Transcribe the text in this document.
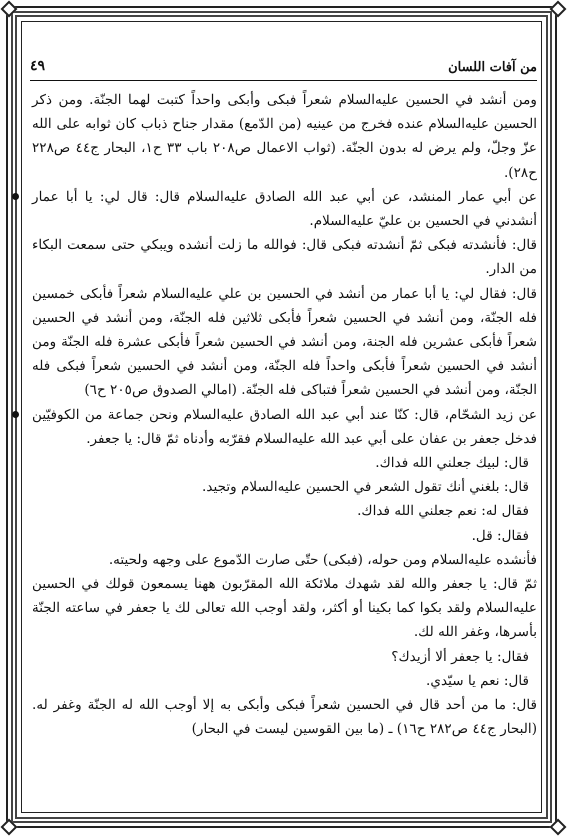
من آفات اللسان
٤٩

ومن أنشد في الحسين عليه‌السلام شعراً فبكى وأبكى واحداً كتبت لهما الجنّة. ومن ذكر الحسين عليه‌السلام عنده فخرج من عينيه (من الدّمع) مقدار جناح ذباب كان ثوابه على الله عزّ وجلّ، ولم يرض له بدون الجنّة. (ثواب الاعمال ص٢٠٨ باب ٣٣ ح١، البحار ج٤٤ ص٢٢٨ ح٢٨).

عن أبي عمار المنشد، عن أبي عبد الله الصادق عليه‌السلام قال: قال لي: يا أبا عمار أنشدني في الحسين بن عليّ عليه‌السلام.

قال: فأنشدته فبكى ثمّ أنشدته فبكى قال: فوالله ما زلت أنشده ويبكي حتى سمعت البكاء من الدار.

قال: فقال لي: يا أبا عمار من أنشد في الحسين بن علي عليه‌السلام شعراً فأبكى خمسين فله الجنّة، ومن أنشد في الحسين شعراً فأبكى ثلاثين فله الجنّة، ومن أنشد في الحسين شعراً فأبكى عشرين فله الجنة، ومن أنشد في الحسين شعراً فأبكى عشرة فله الجنّة ومن أنشد في الحسين شعراً فأبكى واحداً فله الجنّة، ومن أنشد في الحسين شعراً فبكى فله الجنّة، ومن أنشد في الحسين شعراً فتباكى فله الجنّة. (امالي الصدوق ص٢٠٥ ح٦)

عن زيد الشحّام، قال: كنّا عند أبي عبد الله الصادق عليه‌السلام ونحن جماعة من الكوفيّين فدخل جعفر بن عفان على أبي عبد الله عليه‌السلام فقرّبه وأدناه ثمّ قال: يا جعفر.

قال: لبيك جعلني الله فداك.

قال: بلغني أنك تقول الشعر في الحسين عليه‌السلام وتجيد.

فقال له: نعم جعلني الله فداك.

فقال: قل.

فأنشده عليه‌السلام ومن حوله، (فبكى) حتّى صارت الدّموع على وجهه ولحيته.

ثمّ قال: يا جعفر والله لقد شهدك ملائكة الله المقرّبون ههنا يسمعون قولك في الحسين عليه‌السلام ولقد بكوا كما بكينا أو أكثر، ولقد أوجب الله تعالى لك يا جعفر في ساعته الجنّة بأسرها، وغفر الله لك.

فقال: يا جعفر ألا أزيدك؟

قال: نعم يا سيّدي.

قال: ما من أحد قال في الحسين شعراً فبكى وأبكى به إلا أوجب الله له الجنّة وغفر له. (البحار ج٤٤ ص٢٨٢ ح١٦) ـ (ما بين القوسين ليست في البحار)
